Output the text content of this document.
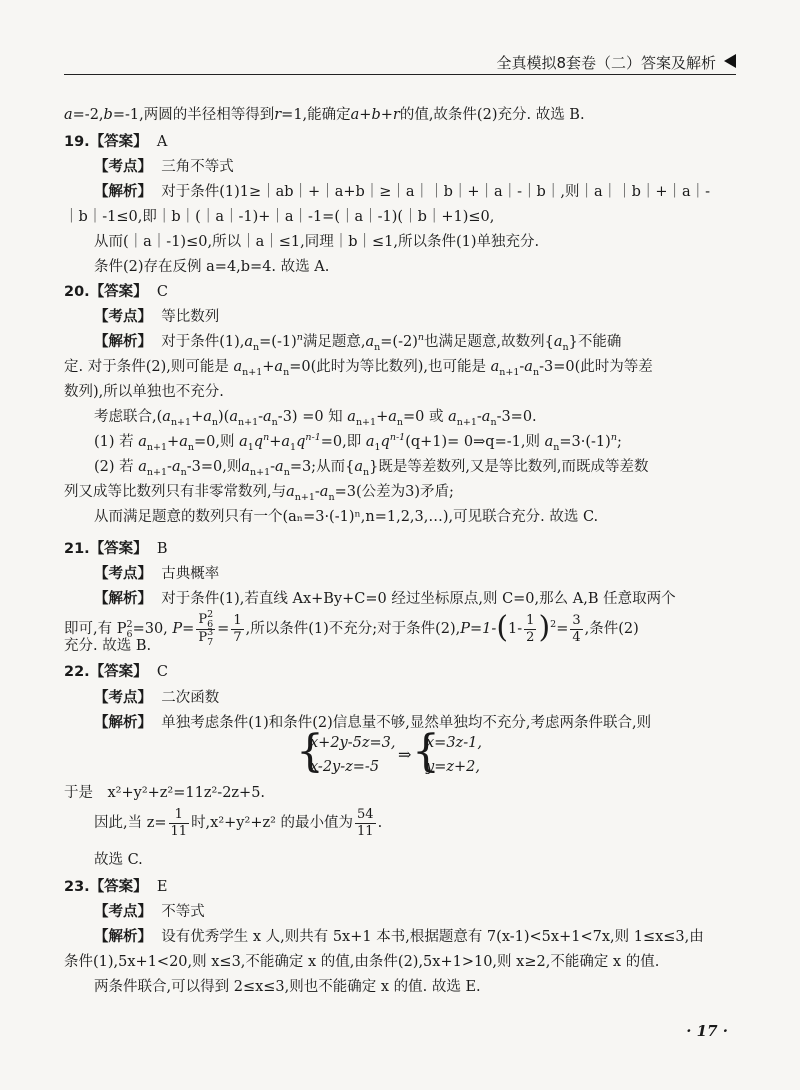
全真模拟8套卷（二）答案及解析
a=-2,b=-1,两圆的半径相等得到r=1,能确定a+b+r的值,故条件(2)充分. 故选 B.
19.【答案】 A
【考点】 三角不等式
【解析】 对于条件(1)1≥｜ab｜+｜a+b｜≥｜a｜｜b｜+｜a｜-｜b｜,则｜a｜｜b｜+｜a｜-
｜b｜-1≤0,即｜b｜(｜a｜-1)+｜a｜-1=(｜a｜-1)(｜b｜+1)≤0,
从而(｜a｜-1)≤0,所以｜a｜≤1,同理｜b｜≤1,所以条件(1)单独充分.
条件(2)存在反例 a=4,b=4. 故选 A.
20.【答案】 C
【考点】 等比数列
【解析】 对于条件$(1),a_n=(-1)^n$满足题意$,a_n=(-2)^n$也满足题意,故数列$\{a_n\}$不能确
定. 对于条件(2),则可能是 $a_{n+1}+a_n=0$(此时为等比数列),也可能是 $a_{n+1}-a_n-3=0$(此时为等差
数列),所以单独也不充分.
考虑联合$,(a_{n+1}+a_n)(a_{n+1}-a_n-3) =0$ 知 $a_{n+1}+a_n=0$ 或 $a_{n+1}-a_n-3=0$.
(1) 若 $a_{n+1}+a_n=0$,则 $a_1q^n+a_1q^{n-1}=0$,即 $a_1q^{n-1}(q+1)=$ 0⇒q=-1,则 $a_n=3\cdot(-1)^n$;
(2) 若 $a_{n+1}-a_n-3=0$,则$a_{n+1}-a_n=3$;从而$\{a_n\}$既是等差数列,又是等比数列,而既成等差数
列又成等比数列只有非零常数列,与$a_{n+1}-a_n=3$(公差为3)矛盾;
从而满足题意的数列只有一个(aₙ=3·(-1)ⁿ,n=1,2,3,…),可见联合充分. 故选 C.
21.【答案】 B
【考点】 古典概率
【解析】 对于条件(1),若直线 Ax+By+C=0 经过坐标原点,则 C=0,那么 A,B 任意取两个
即可,有 $P^2_6=30$, $P= \frac{P^2_6}{P^3_7} = \frac{1}{7}$ ,所以条件(1)不充分;对于条件$(2),P=1-(1- \frac{1}{2} )^2= \frac{3}{4}$ ,条件(2)
充分. 故选 B.
22.【答案】 C
【考点】 二次函数
【解析】 单独考虑条件(1)和条件(2)信息量不够,显然单独均不充分,考虑两条件联合,则
{
x+2y-5z=3,
x-2y-z=-5
⇒ {
x=3z-1,
y=z+2,
于是　x²+y²+z²=11z²-2z+5.
因此,当 $z= \frac{1}{11}$ 时,x²+y²+z² 的最小值为 $\frac{54}{11}$ .
故选 C.
23.【答案】 E
【考点】 不等式
【解析】 设有优秀学生 x 人,则共有 5x+1 本书,根据题意有 7(x-1)<5x+1<7x,则 1≤x≤3,由
条件(1),5x+1<20,则 x≤3,不能确定 x 的值,由条件(2),5x+1>10,则 x≥2,不能确定 x 的值.
两条件联合,可以得到 2≤x≤3,则也不能确定 x 的值. 故选 E.
· 17 ·
